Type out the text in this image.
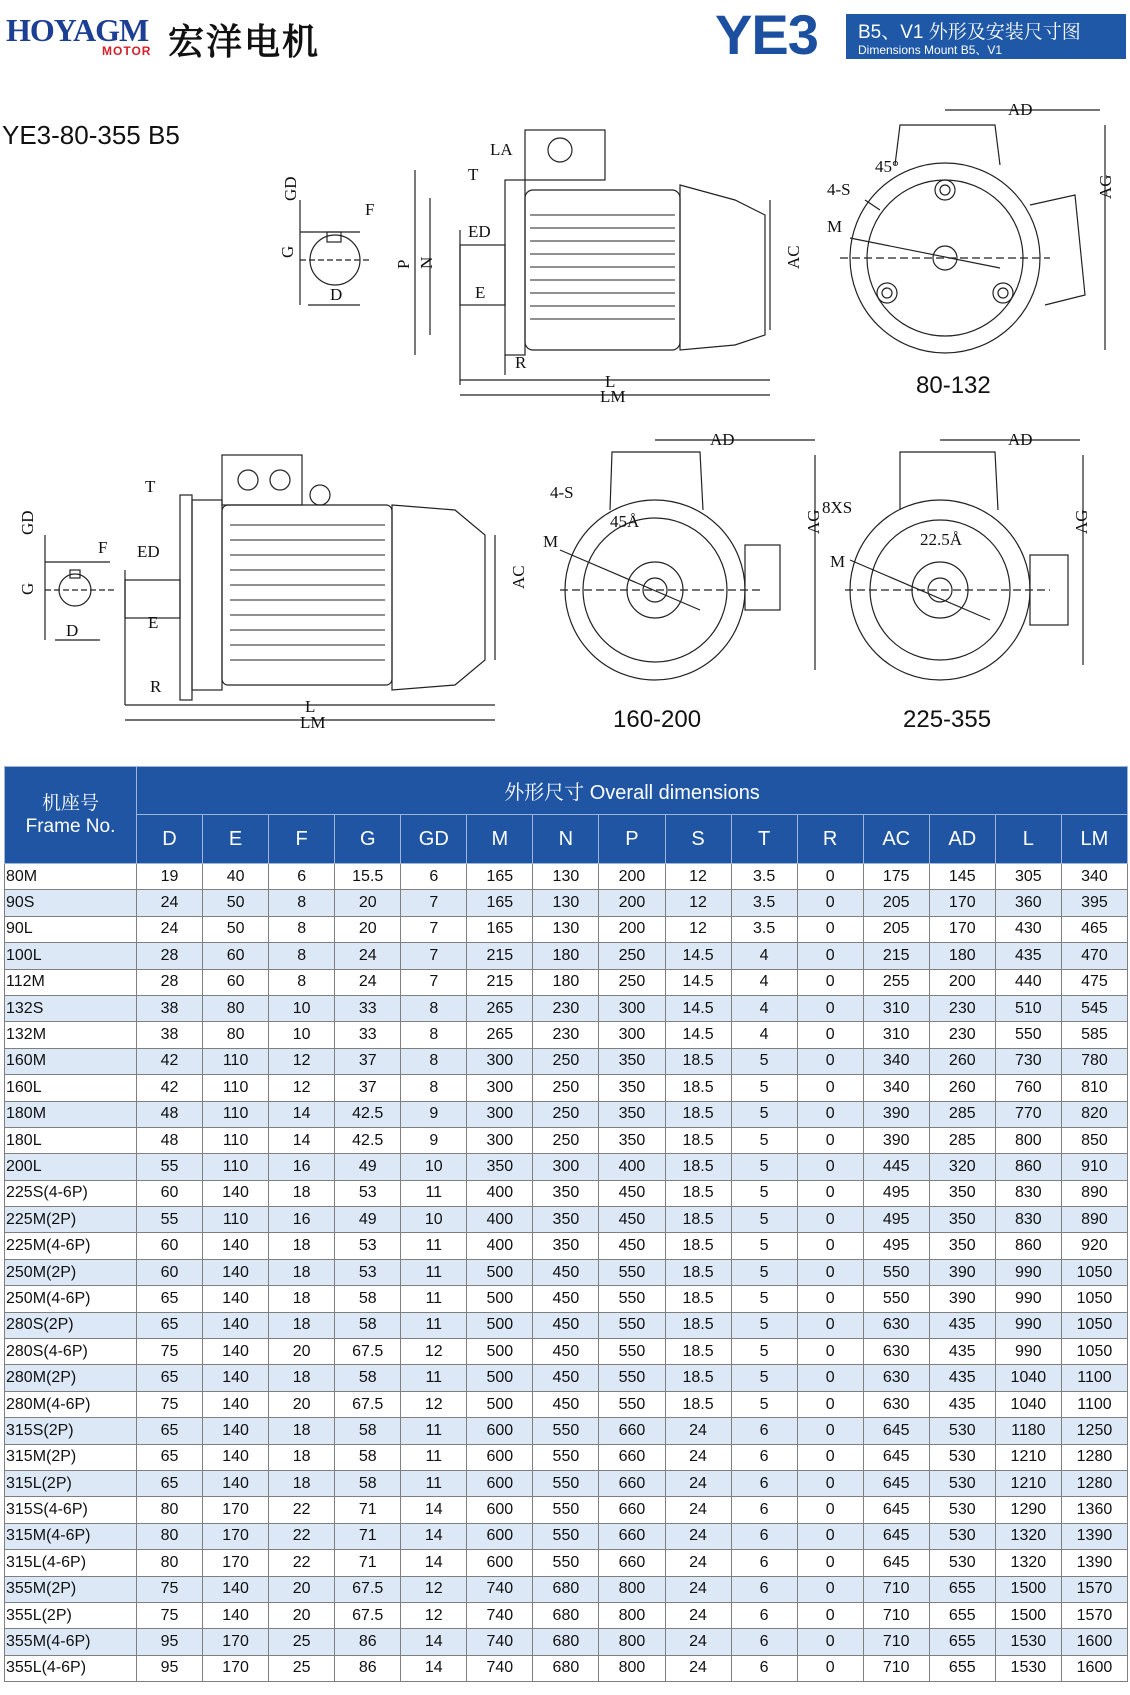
HOYAGM
MOTOR 宏洋电机	YE3 B5、V1 外形及安装尺寸图
Dimensions Mount B5、V1
YE3-80-355 B5
GD
F
G
D
LA
T
P N
ED
E
R
L
LM
AC
AD
AG
45°
4-S
M
GD
F
G
D
T
ED
E
R
L
LM
AC
AD
AG
4-S
45Å
M
AD
AG
8XS
22.5Å
M
80-132
160-200	225-355
机座号
Frame No.	外形尺寸 Overall dimensions														
	D	E	F	G	GD	M	N	P	S	T	R	AC	AD	L	LM
80M	19	40	6	15.5	6	165	130	200	12	3.5	0	175	145	305	340
90S	24	50	8	20	7	165	130	200	12	3.5	0	205	170	360	395
90L	24	50	8	20	7	165	130	200	12	3.5	0	205	170	430	465
100L	28	60	8	24	7	215	180	250	14.5	4	0	215	180	435	470
112M	28	60	8	24	7	215	180	250	14.5	4	0	255	200	440	475
132S	38	80	10	33	8	265	230	300	14.5	4	0	310	230	510	545
132M	38	80	10	33	8	265	230	300	14.5	4	0	310	230	550	585
160M	42	110	12	37	8	300	250	350	18.5	5	0	340	260	730	780
160L	42	110	12	37	8	300	250	350	18.5	5	0	340	260	760	810
180M	48	110	14	42.5	9	300	250	350	18.5	5	0	390	285	770	820
180L	48	110	14	42.5	9	300	250	350	18.5	5	0	390	285	800	850
200L	55	110	16	49	10	350	300	400	18.5	5	0	445	320	860	910
225S(4-6P)	60	140	18	53	11	400	350	450	18.5	5	0	495	350	830	890
225M(2P)	55	110	16	49	10	400	350	450	18.5	5	0	495	350	830	890
225M(4-6P)	60	140	18	53	11	400	350	450	18.5	5	0	495	350	860	920
250M(2P)	60	140	18	53	11	500	450	550	18.5	5	0	550	390	990	1050
250M(4-6P)	65	140	18	58	11	500	450	550	18.5	5	0	550	390	990	1050
280S(2P)	65	140	18	58	11	500	450	550	18.5	5	0	630	435	990	1050
280S(4-6P)	75	140	20	67.5	12	500	450	550	18.5	5	0	630	435	990	1050
280M(2P)	65	140	18	58	11	500	450	550	18.5	5	0	630	435	1040	1100
280M(4-6P)	75	140	20	67.5	12	500	450	550	18.5	5	0	630	435	1040	1100
315S(2P)	65	140	18	58	11	600	550	660	24	6	0	645	530	1180	1250
315M(2P)	65	140	18	58	11	600	550	660	24	6	0	645	530	1210	1280
315L(2P)	65	140	18	58	11	600	550	660	24	6	0	645	530	1210	1280
315S(4-6P)	80	170	22	71	14	600	550	660	24	6	0	645	530	1290	1360
315M(4-6P)	80	170	22	71	14	600	550	660	24	6	0	645	530	1320	1390
315L(4-6P)	80	170	22	71	14	600	550	660	24	6	0	645	530	1320	1390
355M(2P)	75	140	20	67.5	12	740	680	800	24	6	0	710	655	1500	1570
355L(2P)	75	140	20	67.5	12	740	680	800	24	6	0	710	655	1500	1570
355M(4-6P)	95	170	25	86	14	740	680	800	24	6	0	710	655	1530	1600
355L(4-6P)	95	170	25	86	14	740	680	800	24	6	0	710	655	1530	1600
